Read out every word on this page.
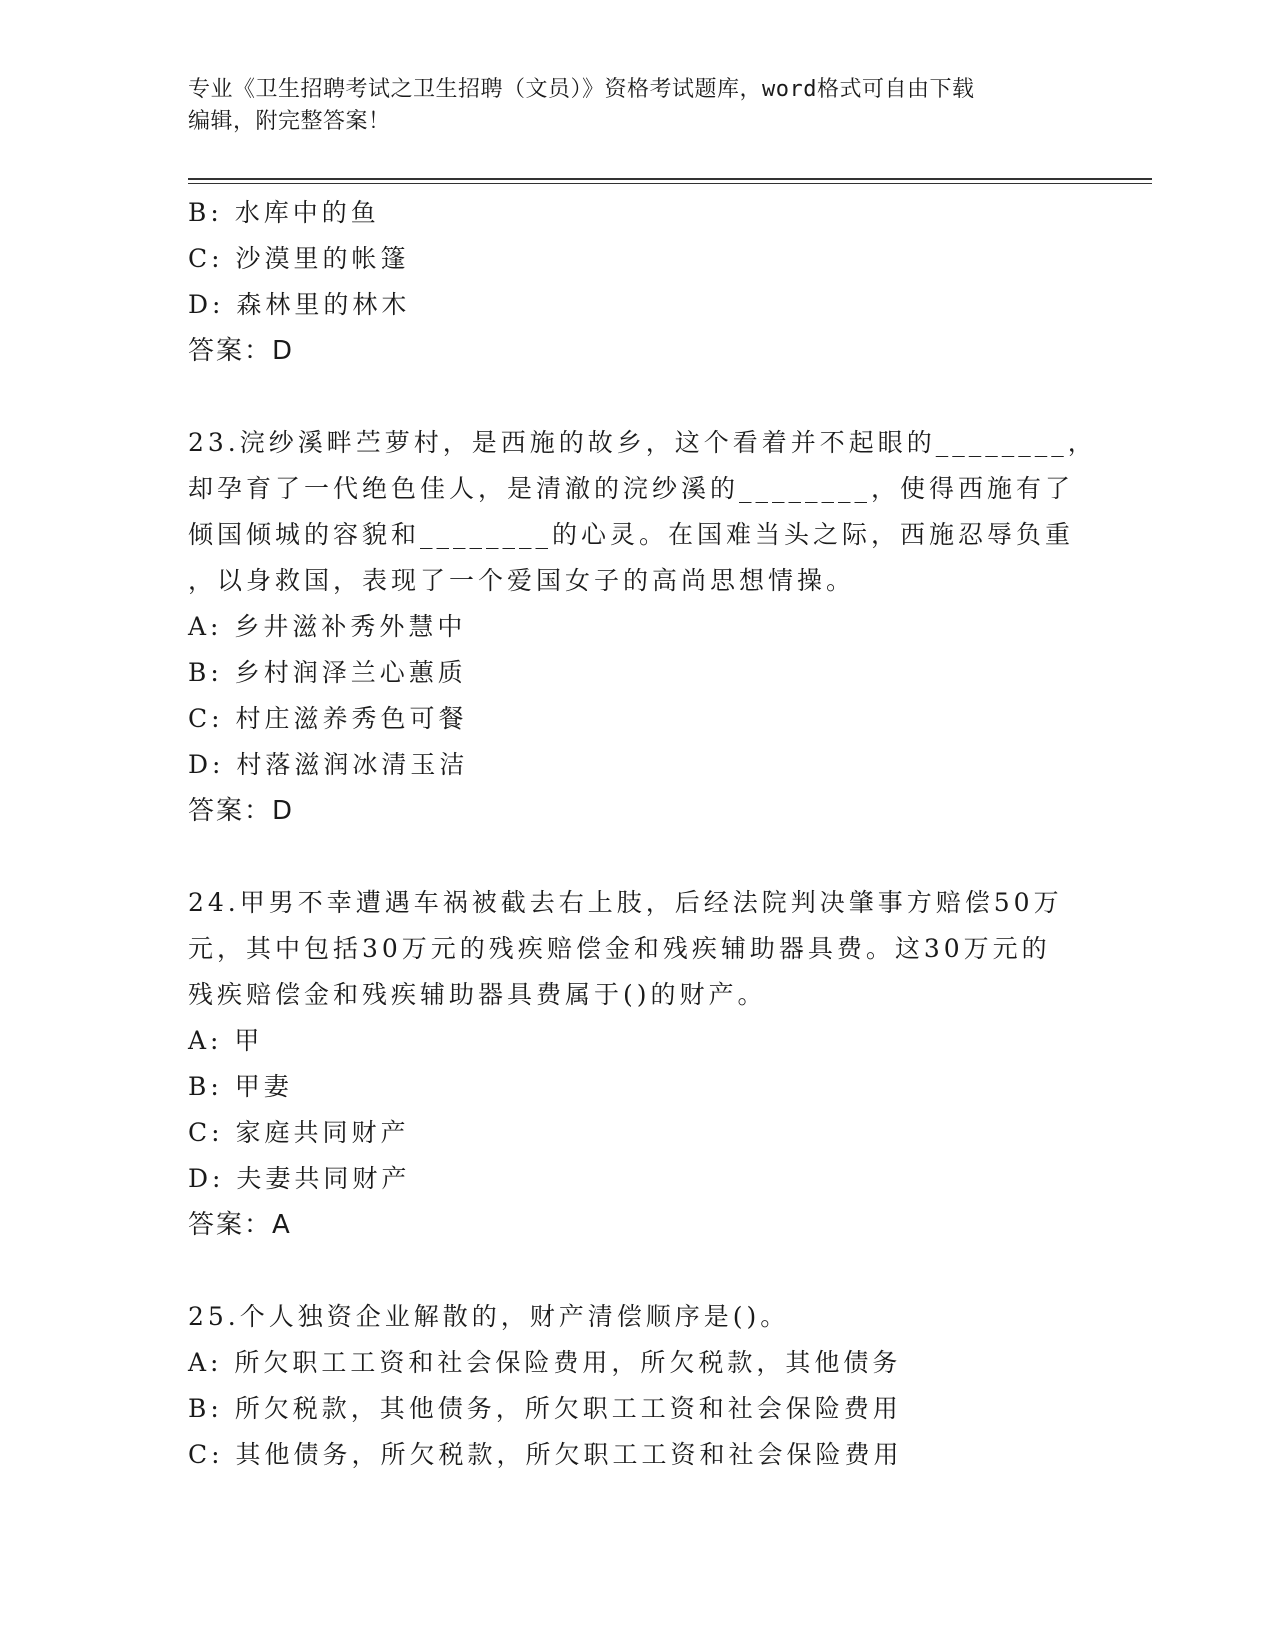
专业《卫生招聘考试之卫生招聘（文员）》资格考试题库，word格式可自由下载
编辑，附完整答案！
B: 水库中的鱼
C: 沙漠里的帐篷
D: 森林里的林木
答案：D
23.浣纱溪畔苎萝村，是西施的故乡，这个看着并不起眼的________，
却孕育了一代绝色佳人，是清澈的浣纱溪的________，使得西施有了
倾国倾城的容貌和________的心灵。在国难当头之际，西施忍辱负重
，以身救国，表现了一个爱国女子的高尚思想情操。
A: 乡井滋补秀外慧中
B: 乡村润泽兰心蕙质
C: 村庄滋养秀色可餐
D: 村落滋润冰清玉洁
答案：D
24.甲男不幸遭遇车祸被截去右上肢，后经法院判决肇事方赔偿50万
元，其中包括30万元的残疾赔偿金和残疾辅助器具费。这30万元的
残疾赔偿金和残疾辅助器具费属于()的财产。
A: 甲
B: 甲妻
C: 家庭共同财产
D: 夫妻共同财产
答案：A
25.个人独资企业解散的，财产清偿顺序是()。
A: 所欠职工工资和社会保险费用，所欠税款，其他债务
B: 所欠税款，其他债务，所欠职工工资和社会保险费用
C: 其他债务，所欠税款，所欠职工工资和社会保险费用
